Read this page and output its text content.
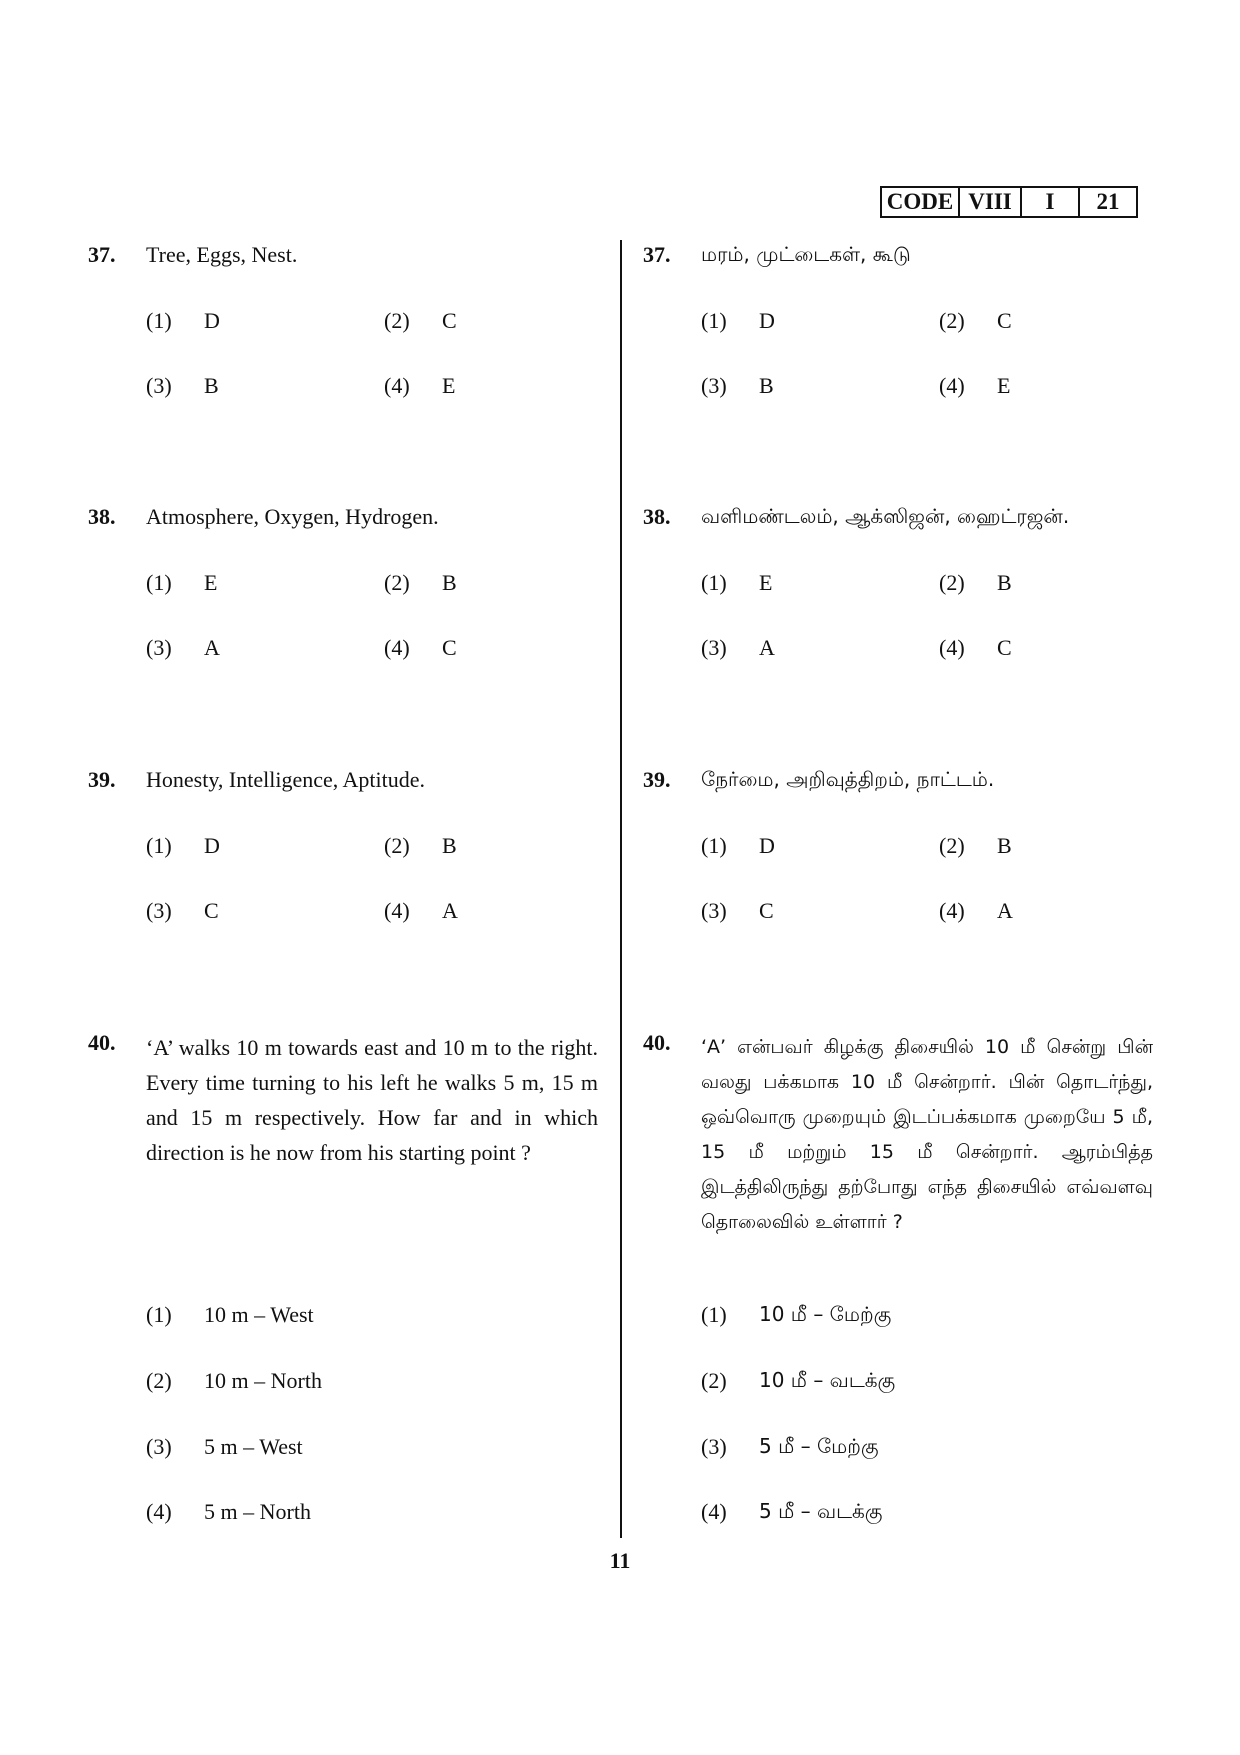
CODE VIII	I	21
37. Tree, Eggs, Nest.
(1) D	(2) C
(3) B	(4) E
38. Atmosphere, Oxygen, Hydrogen.
(1) E	(2) B
(3) A	(4) C
39. Honesty, Intelligence, Aptitude.
(1) D	(2) B
(3) C	(4) A
40. ‘A’ walks 10 m towards east and 10 m to the right. Every time turning to his left he walks 5 m, 15 m and 15 m respectively. How far and in which direction is he now from his starting point ?
(1) 10 m – West
(2) 10 m – North
(3) 5 m – West
(4) 5 m – North
37. மரம், முட்டைகள், கூடு
(1) D	(2) C
(3) B	(4) E
38. வளிமண்டலம், ஆக்ஸிஜன், ஹைட்ரஜன்.
(1) E	(2) B
(3) A	(4) C
39. நேர்மை, அறிவுத்திறம், நாட்டம்.
(1) D	(2) B
(3) C	(4) A
40. ‘A’ என்பவர் கிழக்கு திசையில் 10 மீ சென்று பின் வலது பக்கமாக 10 மீ சென்றார். பின் தொடர்ந்து, ஒவ்வொரு முறையும் இடப்பக்கமாக முறையே 5 மீ, 15 மீ மற்றும் 15 மீ சென்றார். ஆரம்பித்த இடத்திலிருந்து தற்போது எந்த திசையில் எவ்வளவு தொலைவில் உள்ளார் ?
(1) 10 மீ – மேற்கு
(2) 10 மீ – வடக்கு
(3) 5 மீ – மேற்கு
(4) 5 மீ – வடக்கு
11
